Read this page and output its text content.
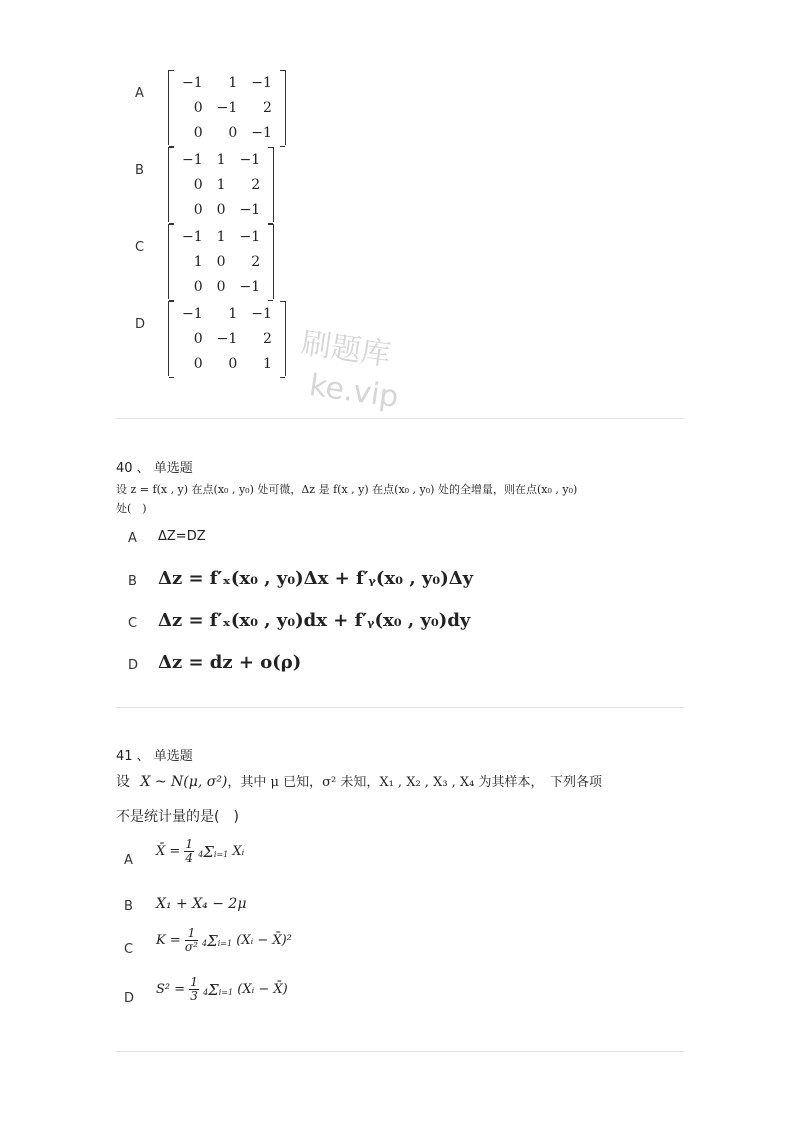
A
−1	1	−1
0	−1	2
0	0	−1
B
−1	1	−1
0	1	2
0	0	−1
C
−1	1	−1
1	0	2
0	0	−1
D
−1	1	−1
0	−1	2
0	0	1 刷题库
ke.vip
40 、 单选题
设 z = f(x , y) 在点(x₀ , y₀) 处可微，Δz 是 f(x , y) 在点(x₀ , y₀) 处的全增量，则在点(x₀ , y₀)
处(　)
A ΔZ=DZ
B Δz = f′ₓ(x₀ , y₀)Δx + f′ᵧ(x₀ , y₀)Δy
C Δz = f′ₓ(x₀ , y₀)dx + f′ᵧ(x₀ , y₀)dy
D Δz = dz + o(ρ)
41 、 单选题
设 X ~ N(μ, σ²)，其中 μ 已知，σ² 未知，X₁ , X₂ , X₃ , X₄ 为其样本，　下列各项
不是统计量的是(　)
A
X̄ = $\frac{1}{4} 4\Sigma i=1$ Xᵢ
B X₁ + X₄ − 2μ
C
$K = \frac{1}{\text{σ²}} 4\Sigma i=1$ (Xᵢ − X̄)²
D
$S^2 = \frac{1}{3} 4\Sigma i=1$ (Xᵢ − X̄)
